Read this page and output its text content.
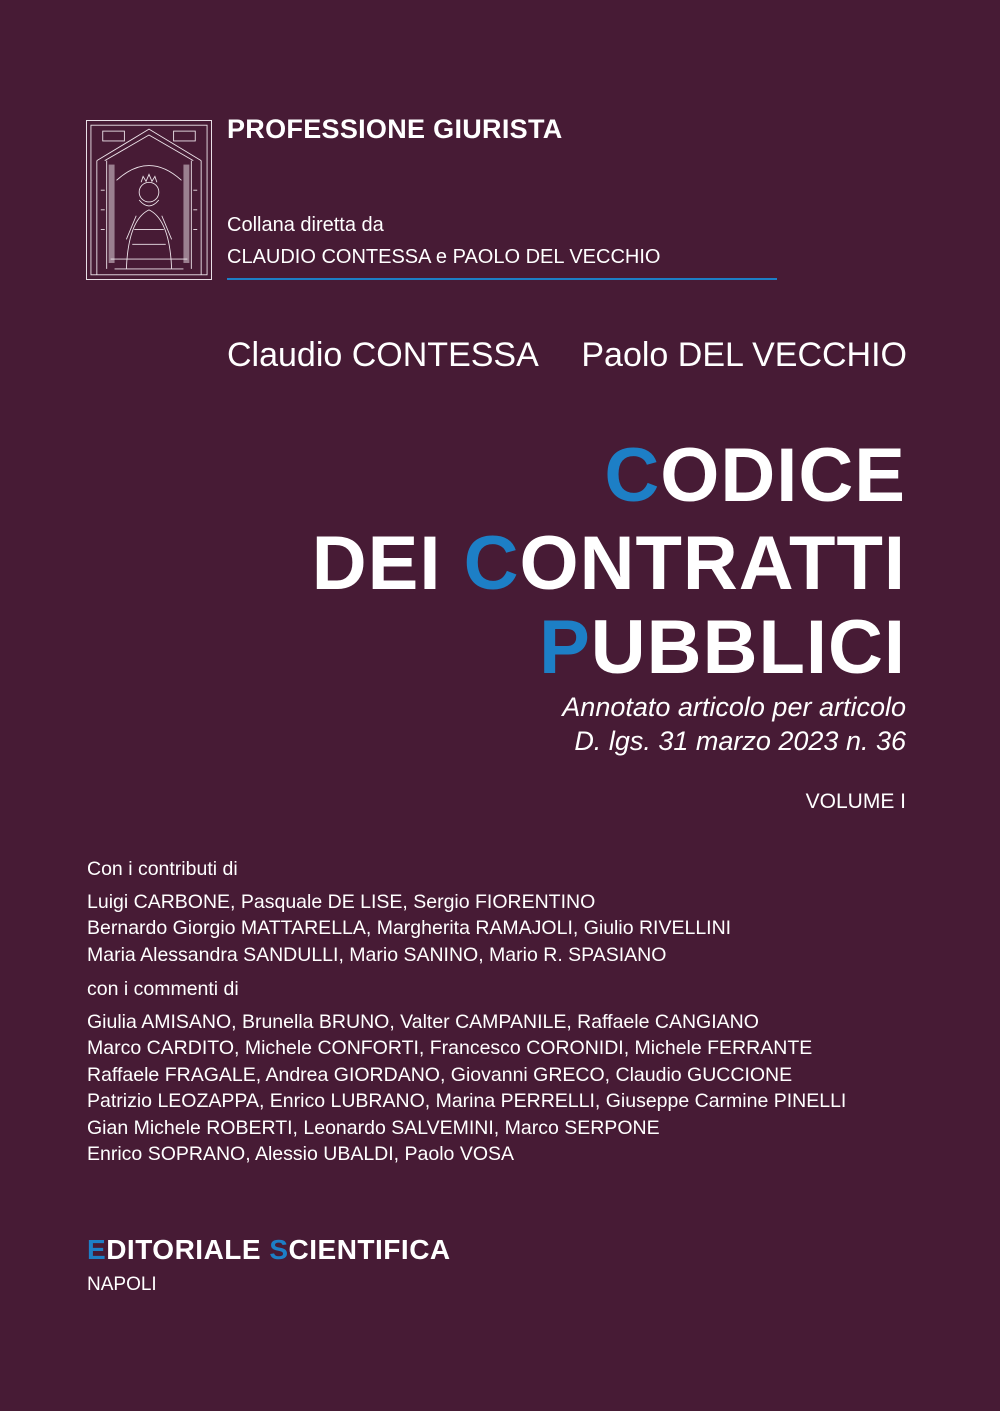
PROFESSIONE GIURISTA
Collana diretta da
CLAUDIO CONTESSA e PAOLO DEL VECCHIO
Claudio CONTESSA Paolo DEL VECCHIO
CODICE
DEI CONTRATTI
PUBBLICI
Annotato articolo per articolo
D. lgs. 31 marzo 2023 n. 36
VOLUME I
Con i contributi di
Luigi CARBONE, Pasquale DE LISE, Sergio FIORENTINO
Bernardo Giorgio MATTARELLA, Margherita RAMAJOLI, Giulio RIVELLINI
Maria Alessandra SANDULLI, Mario SANINO, Mario R. SPASIANO
con i commenti di
Giulia AMISANO, Brunella BRUNO, Valter CAMPANILE, Raffaele CANGIANO
Marco CARDITO, Michele CONFORTI, Francesco CORONIDI, Michele FERRANTE
Raffaele FRAGALE, Andrea GIORDANO, Giovanni GRECO, Claudio GUCCIONE
Patrizio LEOZAPPA, Enrico LUBRANO, Marina PERRELLI, Giuseppe Carmine PINELLI
Gian Michele ROBERTI, Leonardo SALVEMINI, Marco SERPONE
Enrico SOPRANO, Alessio UBALDI, Paolo VOSA
EDITORIALE SCIENTIFICA
NAPOLI
